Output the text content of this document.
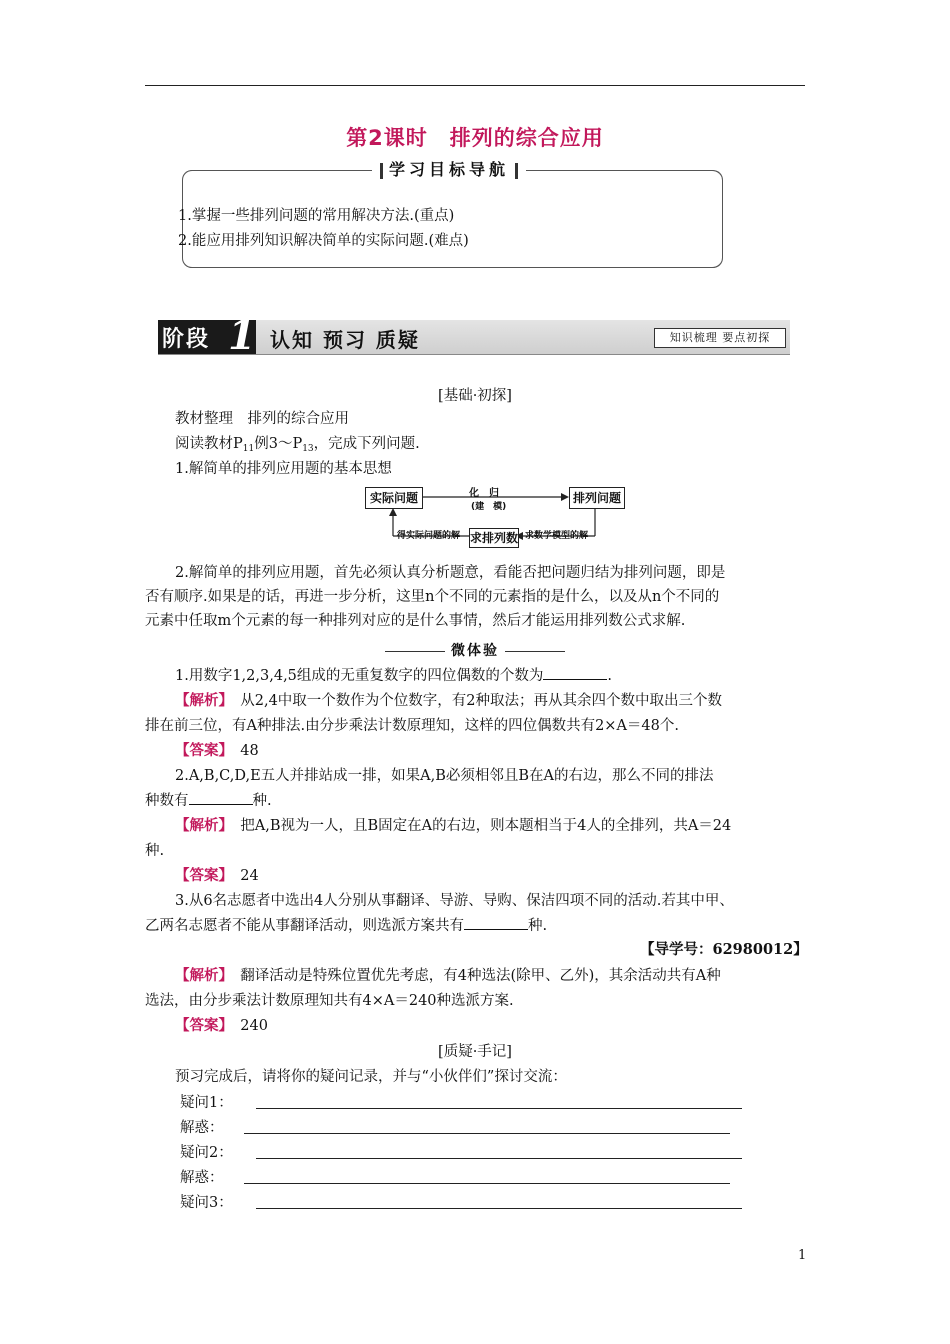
第2课时　排列的综合应用
学习目标导航
1.掌握一些排列问题的常用解决方法.(重点)
2.能应用排列知识解决简单的实际问题.(难点)
阶段 1 认知 预习 质疑	知识梳理 要点初探
[基础·初探]
教材整理　排列的综合应用
阅读教材$P_{11}$例$3\sim P_{13}$，完成下列问题.
1.解简单的排列应用题的基本思想
实际问题	排列问题
求排列数
化　归
(建　模)
得实际问题的解	求数学模型的解
2.解简单的排列应用题，首先必须认真分析题意，看能否把问题归结为排列问题，即是
否有顺序.如果是的话，再进一步分析，这里n个不同的元素指的是什么，以及从n个不同的
元素中任取m个元素的每一种排列对应的是什么事情，然后才能运用排列数公式求解.
微体验
1.用数字1,2,3,4,5组成的无重复数字的四位偶数的个数为	.
【解析】　 从2,4中取一个数作为个位数字，有2种取法；再从其余四个数中取出三个数
排在前三位，有A种排法.由分步乘法计数原理知，这样的四位偶数共有2×A＝48个.
【答案】　 48
2.A,B,C,D,E五人并排站成一排，如果A,B必须相邻且B在A的右边，那么不同的排法
种数有	种.
【解析】　 把A,B视为一人，且B固定在A的右边，则本题相当于4人的全排列，共A＝24
种.
【答案】　 24
3.从6名志愿者中选出4人分别从事翻译、导游、导购、保洁四项不同的活动.若其中甲、
乙两名志愿者不能从事翻译活动，则选派方案共有	种.
【导学号：62980012】
【解析】　 翻译活动是特殊位置优先考虑，有4种选法(除甲、乙外)，其余活动共有A种
选法，由分步乘法计数原理知共有4×A＝240种选派方案.
【答案】　 240
[质疑·手记]
预习完成后，请将你的疑问记录，并与“小伙伴们”探讨交流：
疑问1：
解惑：
疑问2：
解惑：
疑问3：
1
